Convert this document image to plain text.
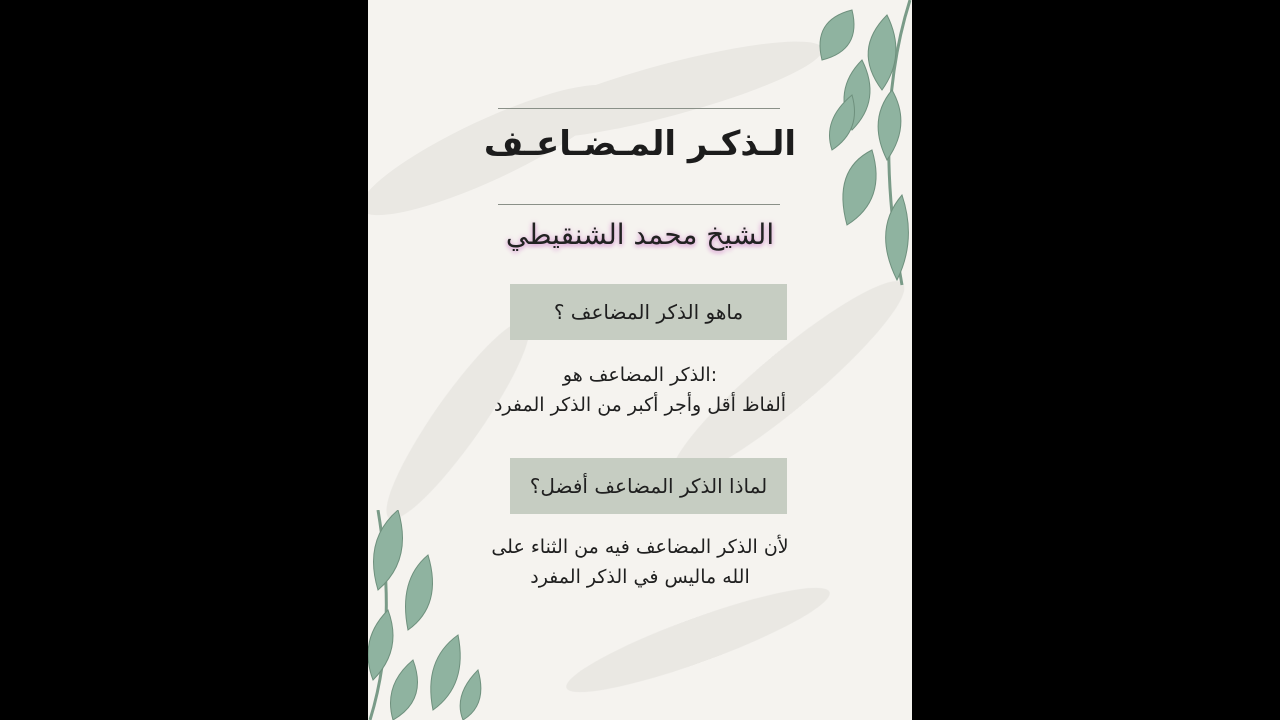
الـذكـر المـضـاعـف
الشيخ محمد الشنقيطي
ماهو الذكر المضاعف ؟
:الذكر المضاعف هو
ألفاظ أقل وأجر أكبر من الذكر المفرد
لماذا الذكر المضاعف أفضل؟
لأن الذكر المضاعف فيه من الثناء على
الله ماليس في الذكر المفرد
